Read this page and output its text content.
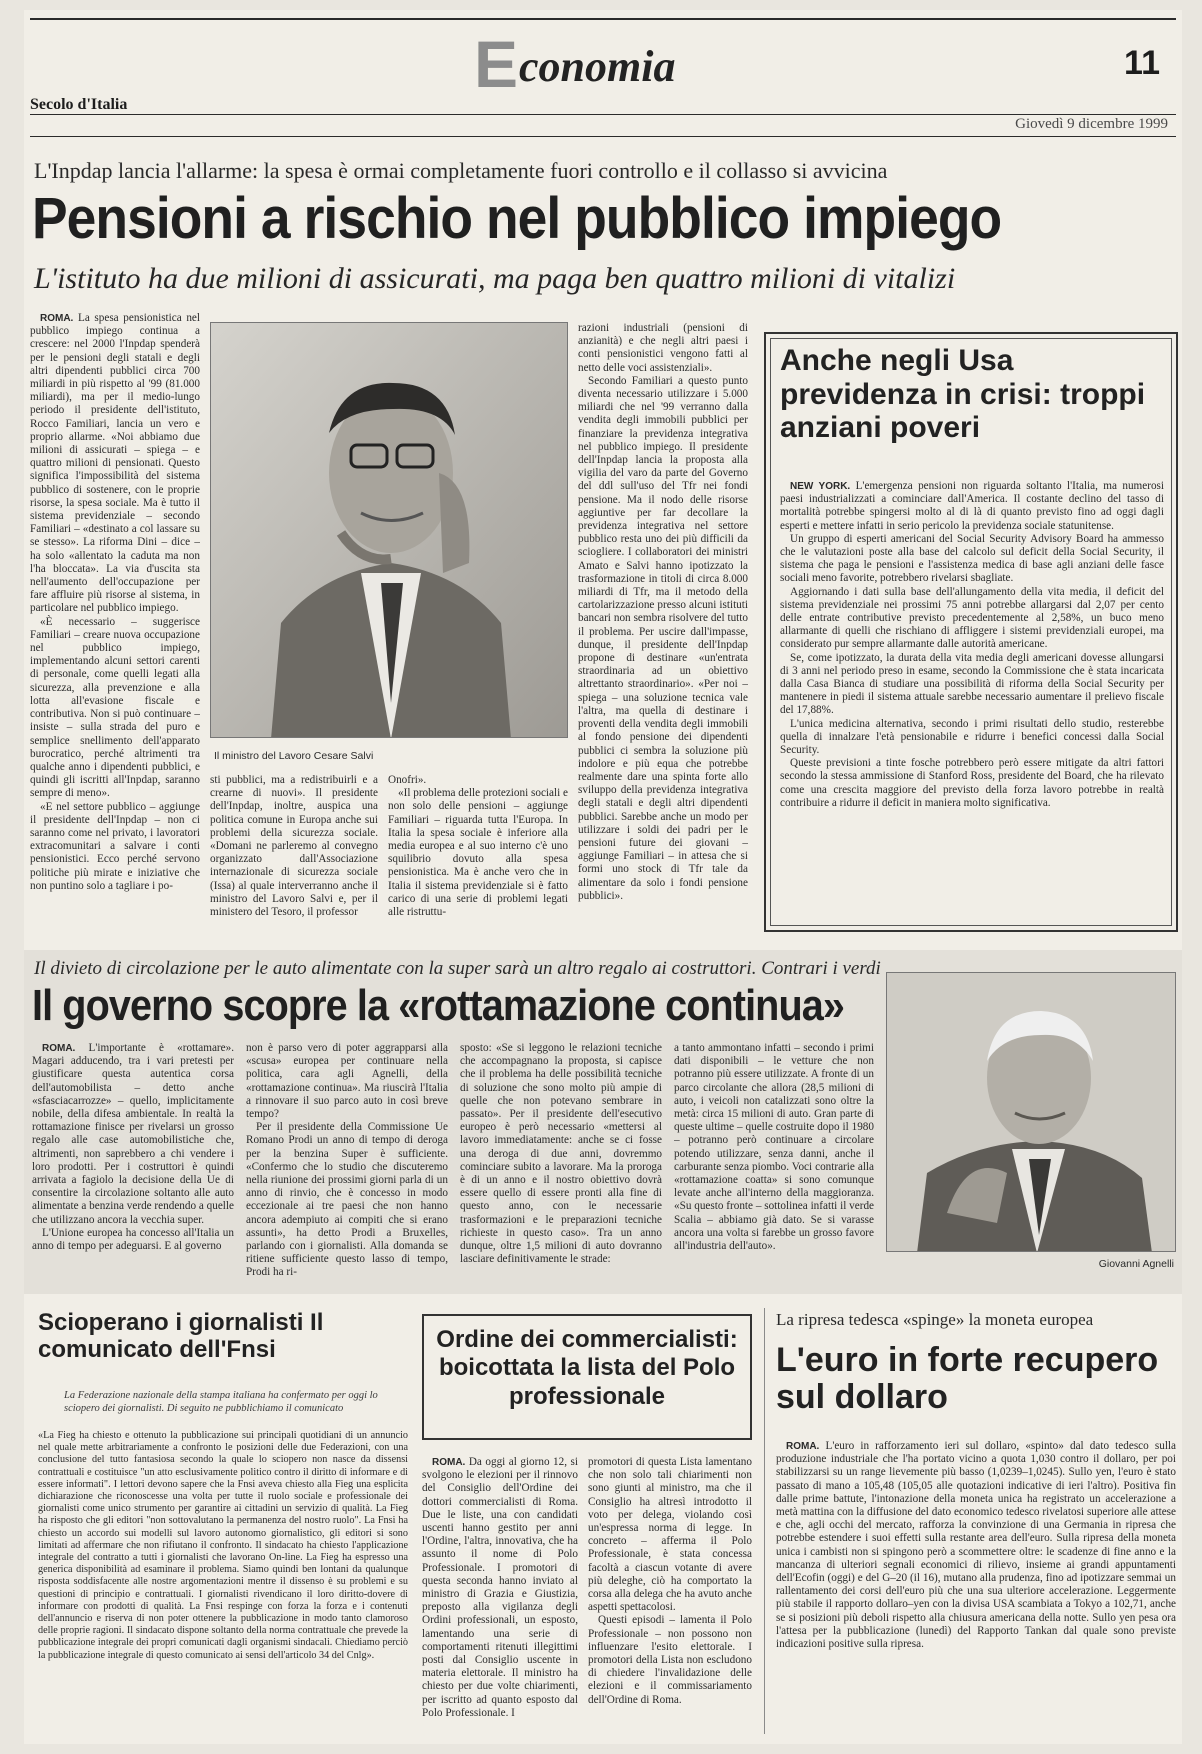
Economia	11
Secolo d'Italia
Giovedì 9 dicembre 1999
L'Inpdap lancia l'allarme: la spesa è ormai completamente fuori controllo e il collasso si avvicina
Pensioni a rischio nel pubblico impiego
L'istituto ha due milioni di assicurati, ma paga ben quattro milioni di vitalizi

ROMA. La spesa pensionistica nel pubblico impiego continua a crescere: nel 2000 l'Inpdap spenderà per le pensioni degli statali e degli altri dipendenti pubblici circa 700 miliardi in più rispetto al '99 (81.000 miliardi), ma per il medio-lungo periodo il presidente dell'istituto, Rocco Familiari, lancia un vero e proprio allarme. «Noi abbiamo due milioni di assicurati – spiega – e quattro milioni di pensionati. Questo significa l'impossibilità del sistema pubblico di sostenere, con le proprie risorse, la spesa sociale. Ma è tutto il sistema previdenziale – secondo Familiari – «destinato a col lassare su se stesso». La riforma Dini – dice – ha solo «allentato la caduta ma non l'ha bloccata». La via d'uscita sta nell'aumento dell'occupazione per fare affluire più risorse al sistema, in particolare nel pubblico impiego.

«È necessario – suggerisce Familiari – creare nuova occupazione nel pubblico impiego, implementando alcuni settori carenti di personale, come quelli legati alla sicurezza, alla prevenzione e alla lotta all'evasione fiscale e contributiva. Non si può continuare – insiste – sulla strada del puro e semplice snellimento dell'apparato burocratico, perché altrimenti tra qualche anno i dipendenti pubblici, e quindi gli iscritti all'Inpdap, saranno sempre di meno».

«E nel settore pubblico – aggiunge il presidente dell'Inpdap – non ci saranno come nel privato, i lavoratori extracomunitari a salvare i conti pensionistici. Ecco perché servono politiche più mirate e iniziative che non puntino solo a tagliare i po-

Il ministro del Lavoro Cesare Salvi

sti pubblici, ma a redistribuirli e a crearne di nuovi». Il presidente dell'Inpdap, inoltre, auspica una politica comune in Europa anche sui problemi della sicurezza sociale. «Domani ne parleremo al convegno organizzato dall'Associazione internazionale di sicurezza sociale (Issa) al quale interverranno anche il ministro del Lavoro Salvi e, per il ministero del Tesoro, il professor

Onofri».

«Il problema delle protezioni sociali e non solo delle pensioni – aggiunge Familiari – riguarda tutta l'Europa. In Italia la spesa sociale è inferiore alla media europea e al suo interno c'è uno squilibrio dovuto alla spesa pensionistica. Ma è anche vero che in Italia il sistema previdenziale si è fatto carico di una serie di problemi legati alle ristruttu-

razioni industriali (pensioni di anzianità) e che negli altri paesi i conti pensionistici vengono fatti al netto delle voci assistenziali».

Secondo Familiari a questo punto diventa necessario utilizzare i 5.000 miliardi che nel '99 verranno dalla vendita degli immobili pubblici per finanziare la previdenza integrativa nel pubblico impiego. Il presidente dell'Inpdap lancia la proposta alla vigilia del varo da parte del Governo del ddl sull'uso del Tfr nei fondi pensione. Ma il nodo delle risorse aggiuntive per far decollare la previdenza integrativa nel settore pubblico resta uno dei più difficili da sciogliere. I collaboratori dei ministri Amato e Salvi hanno ipotizzato la trasformazione in titoli di circa 8.000 miliardi di Tfr, ma il metodo della cartolarizzazione presso alcuni istituti bancari non sembra risolvere del tutto il problema. Per uscire dall'impasse, dunque, il presidente dell'Inpdap propone di destinare «un'entrata straordinaria ad un obiettivo altrettanto straordinario». «Per noi – spiega – una soluzione tecnica vale l'altra, ma quella di destinare i proventi della vendita degli immobili al fondo pensione dei dipendenti pubblici ci sembra la soluzione più indolore e più equa che potrebbe realmente dare una spinta forte allo sviluppo della previdenza integrativa degli statali e degli altri dipendenti pubblici. Sarebbe anche un modo per utilizzare i soldi dei padri per le pensioni future dei giovani – aggiunge Familiari – in attesa che si formi uno stock di Tfr tale da alimentare da solo i fondi pensione pubblici».

Anche negli Usa previdenza in crisi: troppi anziani poveri

NEW YORK. L'emergenza pensioni non riguarda soltanto l'Italia, ma numerosi paesi industrializzati a cominciare dall'America. Il costante declino del tasso di mortalità potrebbe spingersi molto al di là di quanto previsto fino ad oggi dagli esperti e mettere infatti in serio pericolo la previdenza sociale statunitense.

Un gruppo di esperti americani del Social Security Advisory Board ha ammesso che le valutazioni poste alla base del calcolo sul deficit della Social Security, il sistema che paga le pensioni e l'assistenza medica di base agli anziani delle fasce sociali meno favorite, potrebbero rivelarsi sbagliate.

Aggiornando i dati sulla base dell'allungamento della vita media, il deficit del sistema previdenziale nei prossimi 75 anni potrebbe allargarsi dal 2,07 per cento delle entrate contributive previsto precedentemente al 2,58%, un buco meno allarmante di quelli che rischiano di affliggere i sistemi previdenziali europei, ma considerato pur sempre allarmante dalle autorità americane.

Se, come ipotizzato, la durata della vita media degli americani dovesse allungarsi di 3 anni nel periodo preso in esame, secondo la Commissione che è stata incaricata dalla Casa Bianca di studiare una possibilità di riforma della Social Security per mantenere in piedi il sistema attuale sarebbe necessario aumentare il prelievo fiscale del 17,88%.

L'unica medicina alternativa, secondo i primi risultati dello studio, resterebbe quella di innalzare l'età pensionabile e ridurre i benefici concessi dalla Social Security.

Queste previsioni a tinte fosche potrebbero però essere mitigate da altri fattori secondo la stessa ammissione di Stanford Ross, presidente del Board, che ha rilevato come una crescita maggiore del previsto della forza lavoro potrebbe in realtà contribuire a ridurre il deficit in maniera molto significativa.

Il divieto di circolazione per le auto alimentate con la super sarà un altro regalo ai costruttori. Contrari i verdi
Il governo scopre la «rottamazione continua»

ROMA. L'importante è «rottamare». Magari adducendo, tra i vari pretesti per giustificare questa autentica corsa dell'automobilista – detto anche «sfasciacarrozze» – quello, implicitamente nobile, della difesa ambientale. In realtà la rottamazione finisce per rivelarsi un grosso regalo alle case automobilistiche che, altrimenti, non saprebbero a chi vendere i loro prodotti. Per i costruttori è quindi arrivata a fagiolo la decisione della Ue di consentire la circolazione soltanto alle auto alimentate a benzina verde rendendo a quelle che utilizzano ancora la vecchia super.

L'Unione europea ha concesso all'Italia un anno di tempo per adeguarsi. E al governo

non è parso vero di poter aggrapparsi alla «scusa» europea per continuare nella politica, cara agli Agnelli, della «rottamazione continua». Ma riuscirà l'Italia a rinnovare il suo parco auto in così breve tempo?

Per il presidente della Commissione Ue Romano Prodi un anno di tempo di deroga per la benzina Super è sufficiente. «Confermo che lo studio che discuteremo nella riunione dei prossimi giorni parla di un anno di rinvio, che è concesso in modo eccezionale ai tre paesi che non hanno ancora adempiuto ai compiti che si erano assunti», ha detto Prodi a Bruxelles, parlando con i giornalisti. Alla domanda se ritiene sufficiente questo lasso di tempo, Prodi ha ri-

sposto: «Se si leggono le relazioni tecniche che accompagnano la proposta, si capisce che il problema ha delle possibilità tecniche di soluzione che sono molto più ampie di quelle che non potevano sembrare in passato». Per il presidente dell'esecutivo europeo è però necessario «mettersi al lavoro immediatamente: anche se ci fosse una deroga di due anni, dovremmo cominciare subito a lavorare. Ma la proroga è di un anno e il nostro obiettivo dovrà essere quello di essere pronti alla fine di questo anno, con le necessarie trasformazioni e le preparazioni tecniche richieste in questo caso». Tra un anno dunque, oltre 1,5 milioni di auto dovranno lasciare definitivamente le strade:

a tanto ammontano infatti – secondo i primi dati disponibili – le vetture che non potranno più essere utilizzate. A fronte di un parco circolante che allora (28,5 milioni di auto, i veicoli non catalizzati sono oltre la metà: circa 15 milioni di auto. Gran parte di queste ultime – quelle costruite dopo il 1980 – potranno però continuare a circolare potendo utilizzare, senza danni, anche il carburante senza piombo. Voci contrarie alla «rottamazione coatta» si sono comunque levate anche all'interno della maggioranza. «Su questo fronte – sottolinea infatti il verde Scalia – abbiamo già dato. Se si varasse ancora una volta si farebbe un grosso favore all'industria dell'auto».

Giovanni Agnelli
Scioperano i giornalisti Il comunicato dell'Fnsi
La Federazione nazionale della stampa italiana ha confermato per oggi lo sciopero dei giornalisti. Di seguito ne pubblichiamo il comunicato

«La Fieg ha chiesto e ottenuto la pubblicazione sui principali quotidiani di un annuncio nel quale mette arbitrariamente a confronto le posizioni delle due Federazioni, con una conclusione del tutto fantasiosa secondo la quale lo sciopero non nasce da dissensi contrattuali e costituisce "un atto esclusivamente politico contro il diritto di informare e di essere informati". I lettori devono sapere che la Fnsi aveva chiesto alla Fieg una esplicita dichiarazione che riconoscesse una volta per tutte il ruolo sociale e professionale dei giornalisti come unico strumento per garantire ai cittadini un servizio di qualità. La Fieg ha risposto che gli editori "non sottovalutano la permanenza del nostro ruolo". La Fnsi ha chiesto un accordo sui modelli sul lavoro autonomo giornalistico, gli editori si sono limitati ad affermare che non rifiutano il confronto. Il sindacato ha chiesto l'applicazione integrale del contratto a tutti i giornalisti che lavorano On-line. La Fieg ha espresso una generica disponibilità ad esaminare il problema. Siamo quindi ben lontani da qualunque risposta soddisfacente alle nostre argomentazioni mentre il dissenso è su problemi e su questioni di principio e contrattuali. I giornalisti rivendicano il loro diritto-dovere di informare con prodotti di qualità. La Fnsi respinge con forza la forza e i contenuti dell'annuncio e riserva di non poter ottenere la pubblicazione in modo tanto clamoroso delle proprie ragioni. Il sindacato dispone soltanto della norma contrattuale che prevede la pubblicazione integrale dei propri comunicati dagli organismi sindacali. Chiediamo perciò la pubblicazione integrale di questo comunicato ai sensi dell'articolo 34 del Cnlg».

Ordine dei commercialisti: boicottata la lista del Polo professionale

ROMA. Da oggi al giorno 12, si svolgono le elezioni per il rinnovo del Consiglio dell'Ordine dei dottori commercialisti di Roma. Due le liste, una con candidati uscenti hanno gestito per anni l'Ordine, l'altra, innovativa, che ha assunto il nome di Polo Professionale. I promotori di questa seconda hanno inviato al ministro di Grazia e Giustizia, preposto alla vigilanza degli Ordini professionali, un esposto, lamentando una serie di comportamenti ritenuti illegittimi posti dal Consiglio uscente in materia elettorale. Il ministro ha chiesto per due volte chiarimenti, per iscritto ad quanto esposto dal Polo Professionale. I

promotori di questa Lista lamentano che non solo tali chiarimenti non sono giunti al ministro, ma che il Consiglio ha altresì introdotto il voto per delega, violando così un'espressa norma di legge. In concreto – afferma il Polo Professionale, è stata concessa facoltà a ciascun votante di avere più deleghe, ciò ha comportato la corsa alla delega che ha avuto anche aspetti spettacolosi.

Questi episodi – lamenta il Polo Professionale – non possono non influenzare l'esito elettorale. I promotori della Lista non escludono di chiedere l'invalidazione delle elezioni e il commissariamento dell'Ordine di Roma.

La ripresa tedesca «spinge» la moneta europea
L'euro in forte recupero sul dollaro

ROMA. L'euro in rafforzamento ieri sul dollaro, «spinto» dal dato tedesco sulla produzione industriale che l'ha portato vicino a quota 1,030 contro il dollaro, per poi stabilizzarsi su un range lievemente più basso (1,0239–1,0245). Sullo yen, l'euro è stato passato di mano a 105,48 (105,05 alle quotazioni indicative di ieri l'altro). Positiva fin dalle prime battute, l'intonazione della moneta unica ha registrato un accelerazione a metà mattina con la diffusione del dato economico tedesco rivelatosi superiore alle attese e che, agli occhi del mercato, rafforza la convinzione di una Germania in ripresa che potrebbe estendere i suoi effetti sulla restante area dell'euro. Sulla ripresa della moneta unica i cambisti non si spingono però a scommettere oltre: le scadenze di fine anno e la mancanza di ulteriori segnali economici di rilievo, insieme ai grandi appuntamenti dell'Ecofin (oggi) e del G–20 (il 16), mutano alla prudenza, fino ad ipotizzare semmai un rallentamento dei corsi dell'euro più che una sua ulteriore accelerazione. Leggermente più stabile il rapporto dollaro–yen con la divisa USA scambiata a Tokyo a 102,71, anche se si posizioni più deboli rispetto alla chiusura americana della notte. Sullo yen pesa ora l'attesa per la pubblicazione (lunedì) del Rapporto Tankan dal quale sono previste indicazioni positive sulla ripresa.
